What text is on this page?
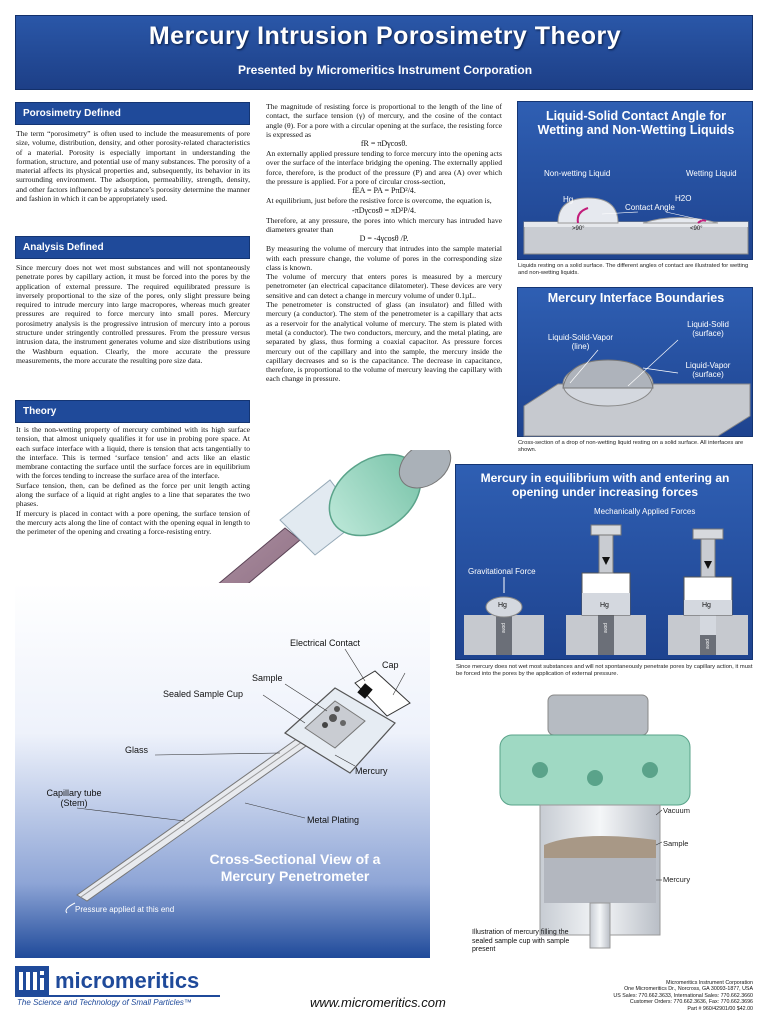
Mercury Intrusion Porosimetry Theory
Presented by Micromeritics Instrument Corporation
Porosimetry Defined
The term “porosimetry” is often used to include the measurements of pore size, volume, distribution, density, and other porosity-related characteristics of a material. Porosity is especially important in understanding the formation, structure, and potential use of many substances. The porosity of a material affects its physical properties and, subsequently, its behavior in its surrounding environment. The adsorption, permeability, strength, density, and other factors influenced by a substance’s porosity determine the manner and fashion in which it can be appropriately used.
Analysis Defined
Since mercury does not wet most substances and will not spontaneously penetrate pores by capillary action, it must be forced into the pores by the application of external pressure. The required equilibrated pressure is inversely proportional to the size of the pores, only slight pressure being required to intrude mercury into large macropores, whereas much greater pressures are required to force mercury into small pores. Mercury porosimetry analysis is the progressive intrusion of mercury into a porous structure under stringently controlled pressures. From the pressure versus intrusion data, the instrument generates volume and size distributions using the Washburn equation. Clearly, the more accurate the pressure measurements, the more accurate the resulting pore size data.
Theory

It is the non-wetting property of mercury combined with its high surface tension, that almost uniquely qualifies it for use in probing pore space. At each surface interface with a liquid, there is tension that acts tangentially to the interface. This is termed ‘surface tension’ and acts like an elastic membrane contacting the surface until the surface forces are in equilibrium with the forces tending to increase the surface area of the interface.

Surface tension, then, can be defined as the force per unit length acting along the surface of a liquid at right angles to a line that separates the two phases.

If mercury is placed in contact with a pore opening, the surface tension of the mercury acts along the line of contact with the opening equal in length to the perimeter of the opening and creating a force-resisting entry.

The magnitude of resisting force is proportional to the length of the line of contact, the surface tension (γ) of mercury, and the cosine of the contact angle (θ). For a pore with a circular opening at the surface, the resisting force is expressed as

fR = πDγcosθ.

An externally applied pressure tending to force mercury into the opening acts over the surface of the interface bridging the opening. The externally applied force, therefore, is the product of the pressure (P) and area (A) over which the pressure is applied. For a pore of circular cross-section,

fEA = PA = PπD²/4.

At equilibrium, just before the resistive force is overcome, the equation is,

-πDγcosθ = πD²P/4.

Therefore, at any pressure, the pores into which mercury has intruded have diameters greater than

D = -4γcosθ /P.

By measuring the volume of mercury that intrudes into the sample material with each pressure change, the volume of pores in the corresponding size class is known.

The volume of mercury that enters pores is measured by a mercury penetrometer (an electrical capacitance dilatometer). These devices are very sensitive and can detect a change in mercury volume of under 0.1µL.

The penetrometer is constructed of glass (an insulator) and filled with mercury (a conductor). The stem of the penetrometer is a capillary that acts as a reservoir for the analytical volume of mercury. The stem is plated with metal (a conductor). The two conductors, mercury, and the metal plating, are separated by glass, thus forming a coaxial capacitor. As pressure forces mercury out of the capillary and into the sample, the mercury inside the capillary decreases and so is the capacitance. The decrease in capacitance, therefore, is proportional to the volume of mercury leaving the capillary with each change in pressure.

Electrical Contact
Cap
Sample
Sealed Sample Cup
Glass
Mercury
Capillary tube (Stem)
Metal Plating
Cross-Sectional View of a Mercury Penetrometer
Pressure applied at this end
Liquid-Solid Contact Angle for Wetting and Non-Wetting Liquids
Non-wetting Liquid	Wetting Liquid
Hg	H2O
Contact Angle
>90°	<90°
Liquids resting on a solid surface. The different angles of contact are illustrated for wetting and non-wetting liquids.
Mercury Interface Boundaries
Liquid-Solid-Vapor (line)
Liquid-Solid (surface)
Liquid-Vapor (surface)
Cross-section of a drop of non-wetting liquid resting on a solid surface. All interfaces are shown.
Mercury in equilibrium with and entering an opening under increasing forces
Mechanically Applied Forces
Gravitational Force
Hg	Hg	Hg
pore	pore
pore
Since mercury does not wet most substances and will not spontaneously penetrate pores by capillary action, it must be forced into the pores by the application of external pressure.
Vacuum
Sample
Mercury
Illustration of mercury filling the sealed sample cup with sample present
micromeritics
The Science and Technology of Small Particles™	www.micromeritics.com
Micromeritics Instrument Corporation
One Micromeritics Dr., Norcross, GA 30093-1877, USA
US Sales: 770.662.3633, International Sales: 770.662.3660
Customer Orders: 770.662.3636, Fax: 770.662.3696
Part # 960/42901/00 $42.00
